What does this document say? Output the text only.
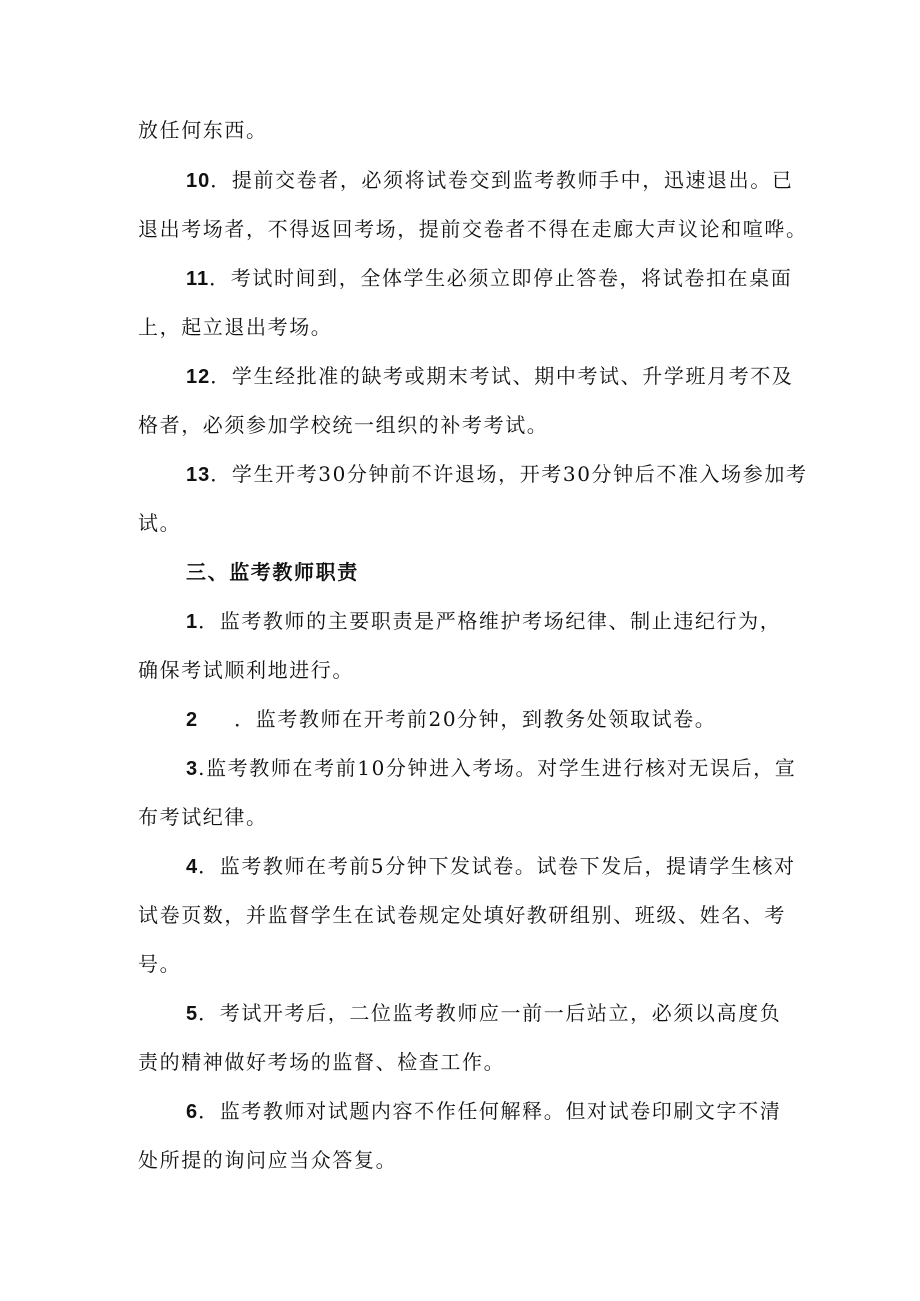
放任何东西。
10．提前交卷者，必须将试卷交到监考教师手中，迅速退出。已
退出考场者，不得返回考场，提前交卷者不得在走廊大声议论和喧哗。
11．考试时间到，全体学生必须立即停止答卷，将试卷扣在桌面
上，起立退出考场。
12．学生经批准的缺考或期末考试、期中考试、升学班月考不及
格者，必须参加学校统一组织的补考考试。
13．学生开考30分钟前不许退场，开考30分钟后不准入场参加考
试。
三、监考教师职责
1．监考教师的主要职责是严格维护考场纪律、制止违纪行为，
确保考试顺利地进行。
2 ．监考教师在开考前20分钟，到教务处领取试卷。
3.监考教师在考前10分钟进入考场。对学生进行核对无误后，宣
布考试纪律。
4．监考教师在考前5分钟下发试卷。试卷下发后，提请学生核对
试卷页数，并监督学生在试卷规定处填好教研组别、班级、姓名、考
号。
5．考试开考后，二位监考教师应一前一后站立，必须以高度负
责的精神做好考场的监督、检查工作。
6．监考教师对试题内容不作任何解释。但对试卷印刷文字不清
处所提的询问应当众答复。
